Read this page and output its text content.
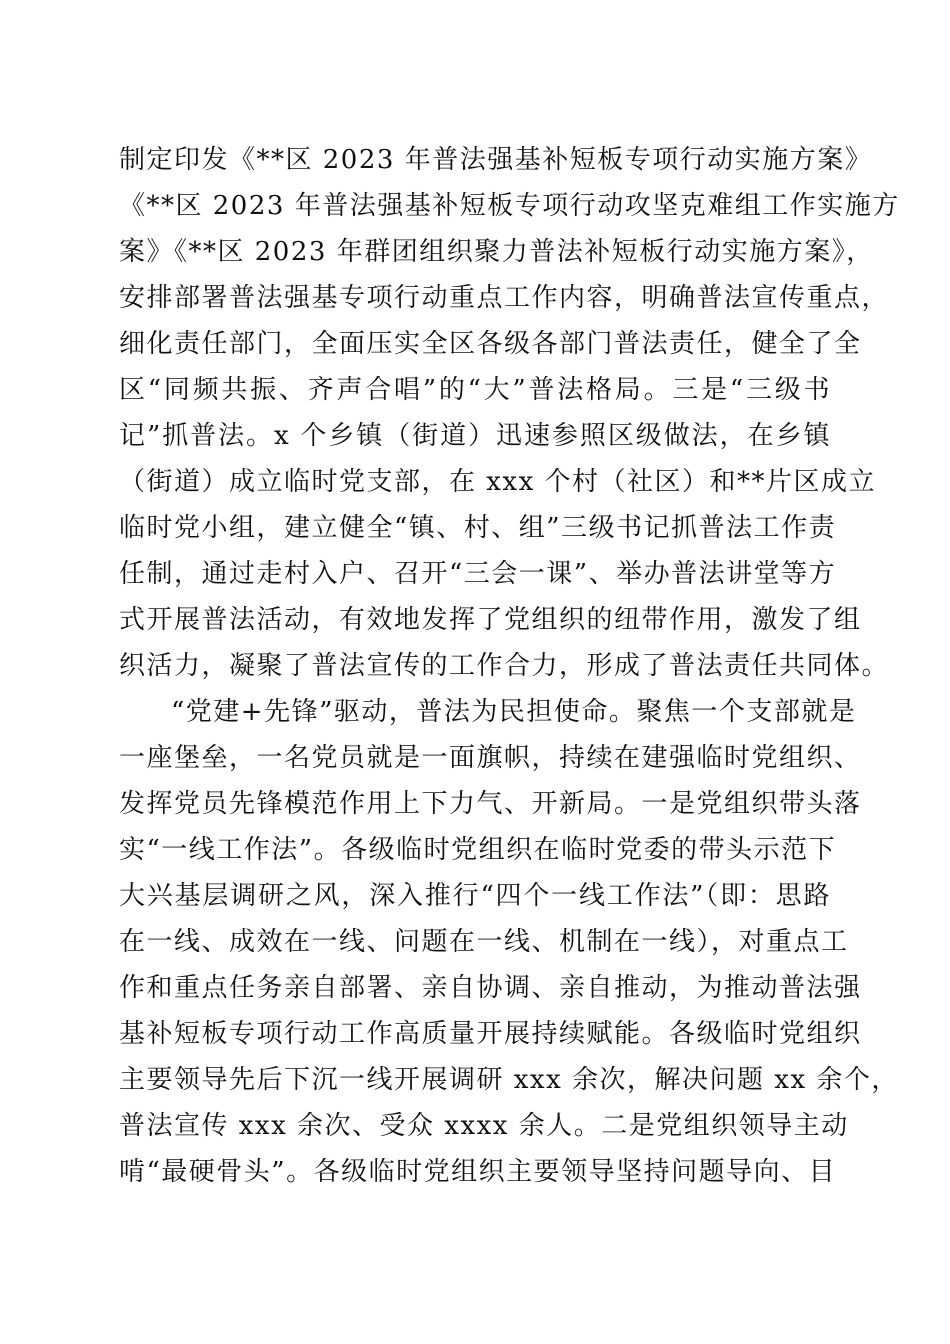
制定印发《**区 2023 年普法强基补短板专项行动实施方案》
《**区 2023 年普法强基补短板专项行动攻坚克难组工作实施方
案》《**区 2023 年群团组织聚力普法补短板行动实施方案》，
安排部署普法强基专项行动重点工作内容，明确普法宣传重点，
细化责任部门，全面压实全区各级各部门普法责任，健全了全
区“同频共振、齐声合唱”的“大”普法格局。三是“三级书
记”抓普法。x 个乡镇（街道）迅速参照区级做法，在乡镇
（街道）成立临时党支部，在 xxx 个村（社区）和**片区成立
临时党小组，建立健全“镇、村、组”三级书记抓普法工作责
任制，通过走村入户、召开“三会一课”、举办普法讲堂等方
式开展普法活动，有效地发挥了党组织的纽带作用，激发了组
织活力，凝聚了普法宣传的工作合力，形成了普法责任共同体。
“党建+先锋”驱动，普法为民担使命。聚焦一个支部就是
一座堡垒，一名党员就是一面旗帜，持续在建强临时党组织、
发挥党员先锋模范作用上下力气、开新局。一是党组织带头落
实“一线工作法”。各级临时党组织在临时党委的带头示范下
大兴基层调研之风，深入推行“四个一线工作法”（即：思路
在一线、成效在一线、问题在一线、机制在一线），对重点工
作和重点任务亲自部署、亲自协调、亲自推动，为推动普法强
基补短板专项行动工作高质量开展持续赋能。各级临时党组织
主要领导先后下沉一线开展调研 xxx 余次，解决问题 xx 余个，
普法宣传 xxx 余次、受众 xxxx 余人。二是党组织领导主动
啃“最硬骨头”。各级临时党组织主要领导坚持问题导向、目
